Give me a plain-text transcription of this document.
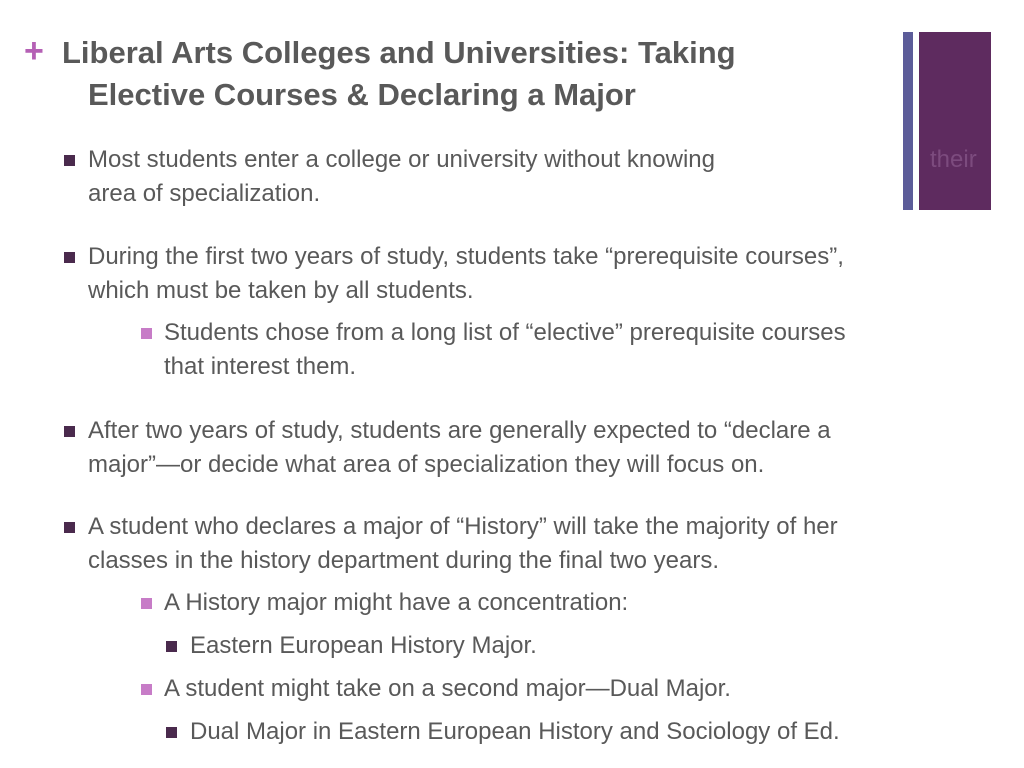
+ Liberal Arts Colleges and Universities: Taking
Elective Courses & Declaring a Major
their
Most students enter a college or university without knowing
area of specialization.
During the first two years of study, students take “prerequisite courses”,
which must be taken by all students.
Students chose from a long list of “elective” prerequisite courses
that interest them.
After two years of study, students are generally expected to “declare a
major”—or decide what area of specialization they will focus on.
A student who declares a major of “History” will take the majority of her
classes in the history department during the final two years.
A History major might have a concentration:
Eastern European History Major.
A student might take on a second major—Dual Major.
Dual Major in Eastern European History and Sociology of Ed.
